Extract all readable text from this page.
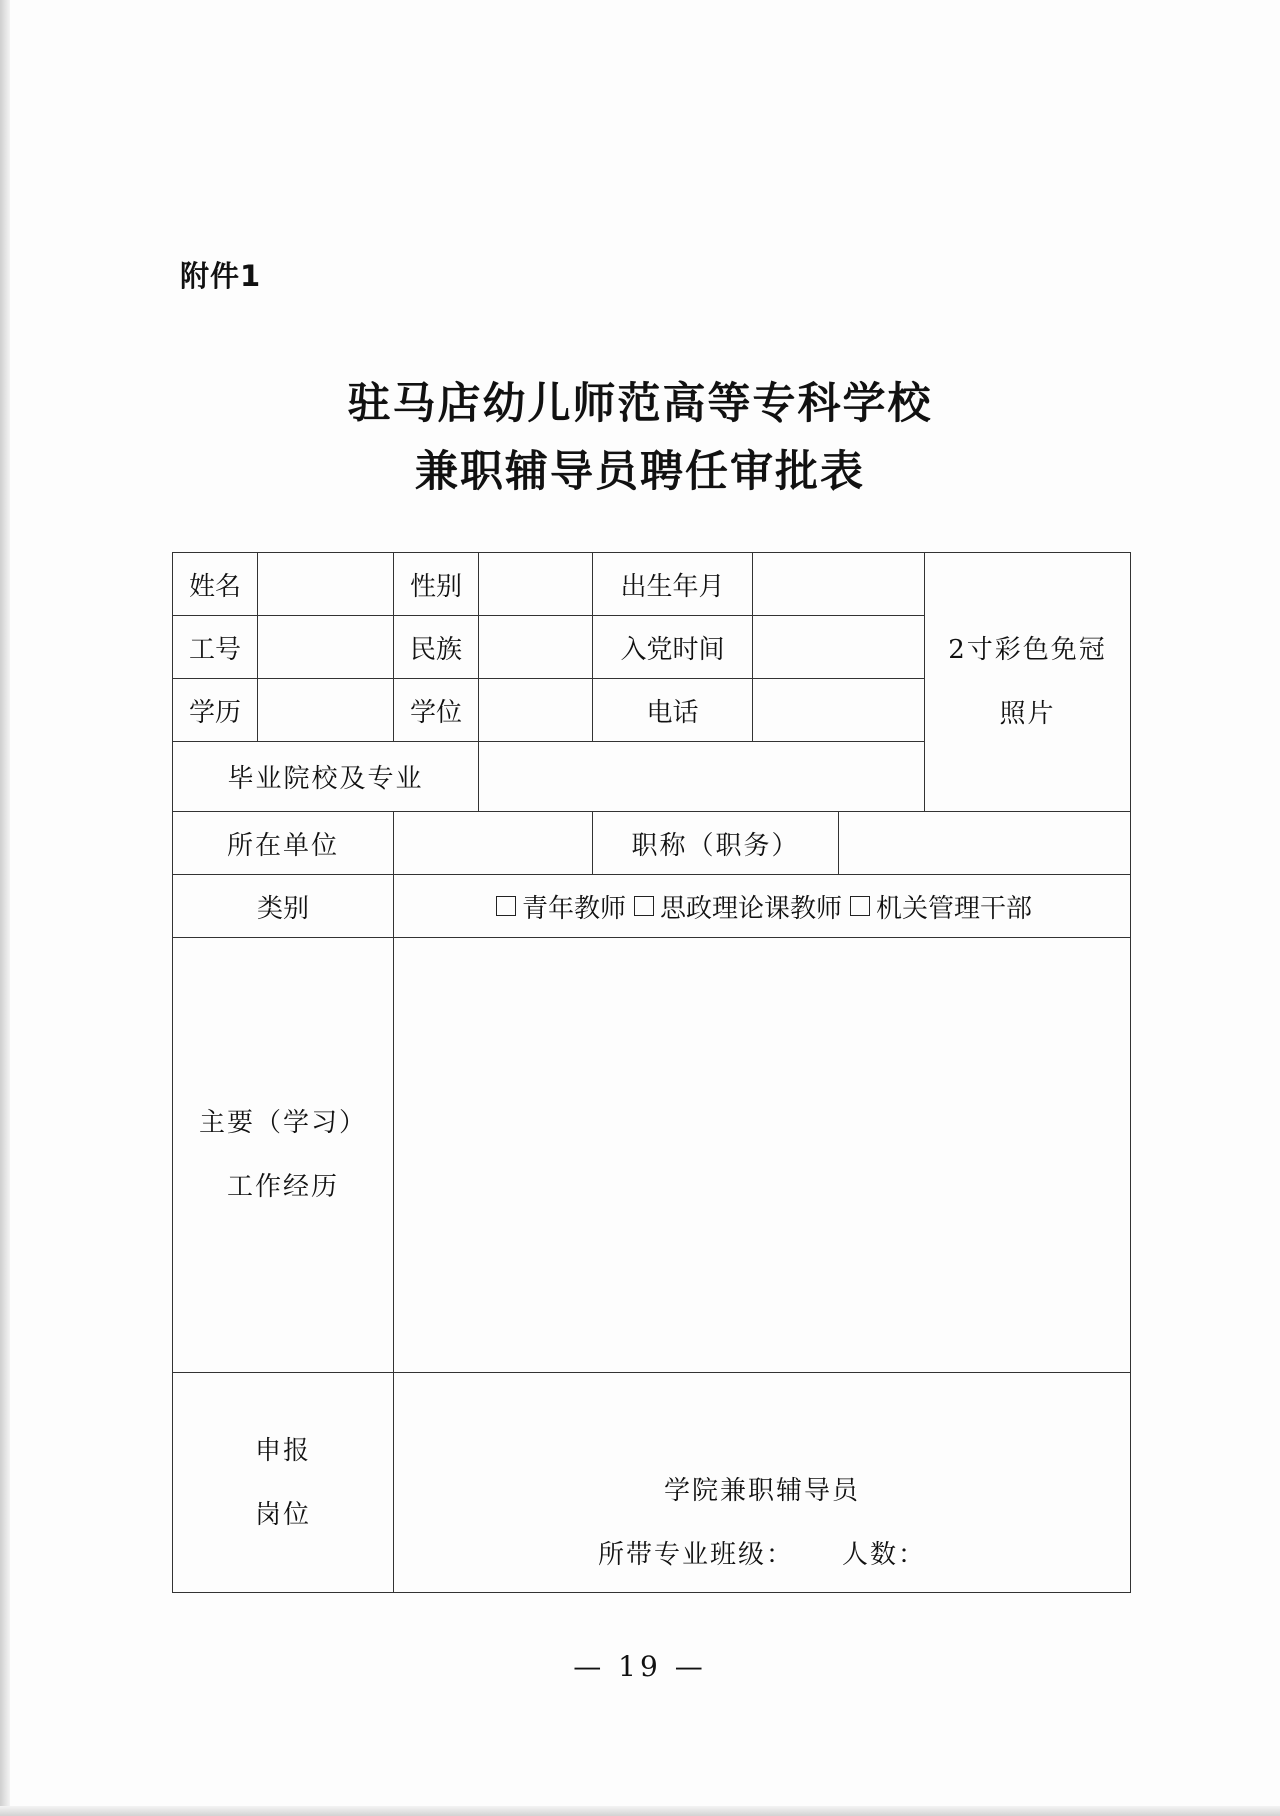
附件1
驻马店幼儿师范高等专科学校
兼职辅导员聘任审批表
姓名		性别		出生年月			2寸彩色免冠
照片

工号		民族		入党时间			
学历		学位		电话			
毕业院校及专业							
所在单位				职称（职务）			
类别		青年教师 思政理论课教师 机关管理干部					

主要（学习）
工作经历							

申报
岗位		学院兼职辅导员
所带专业班级： 人数：					
— 19 —
